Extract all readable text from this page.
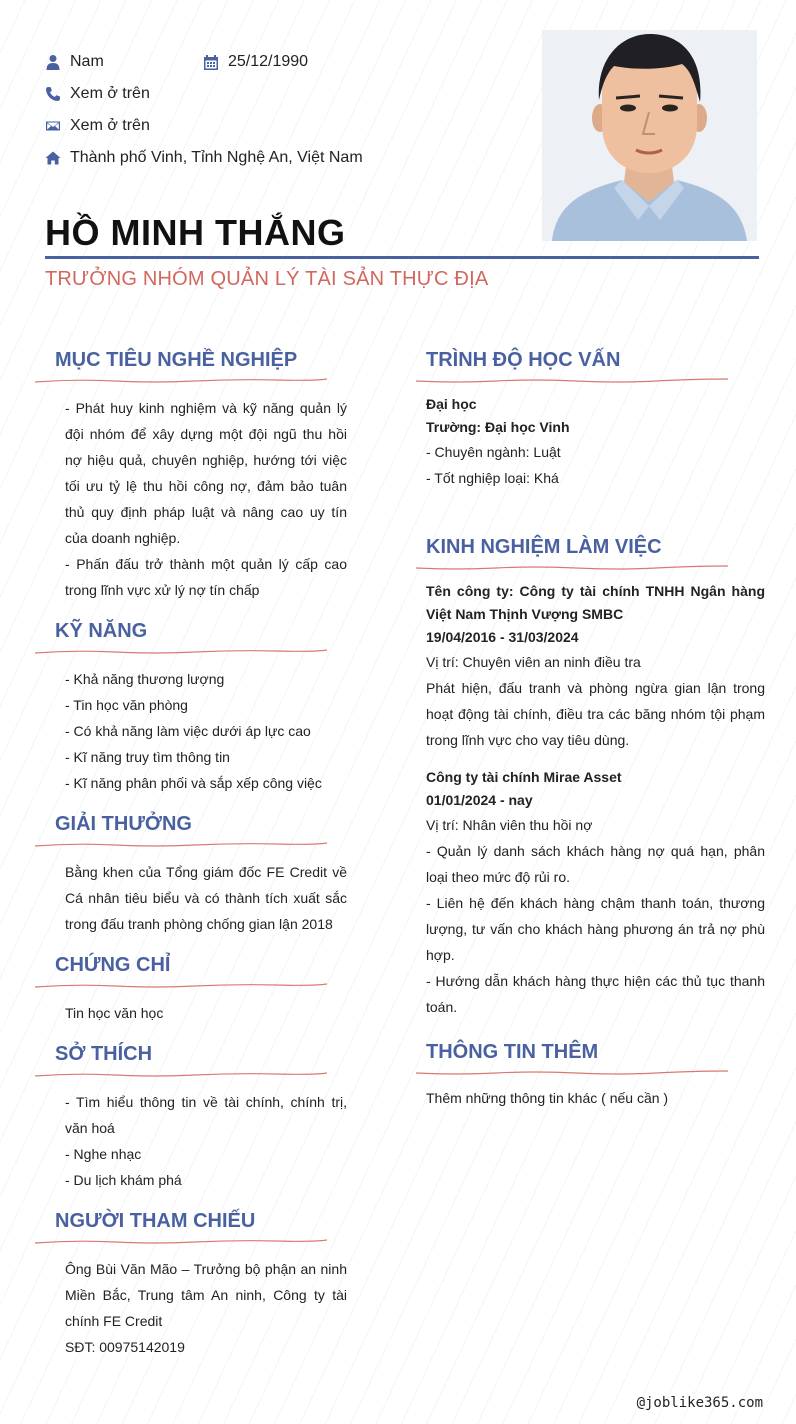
Nam	25/12/1990
Xem ở trên
Xem ở trên
Thành phố Vinh, Tỉnh Nghệ An, Việt Nam
HỒ MINH THẮNG
TRƯỞNG NHÓM QUẢN LÝ TÀI SẢN THỰC ĐỊA
MỤC TIÊU NGHỀ NGHIỆP
- Phát huy kinh nghiệm và kỹ năng quản lý đội nhóm để xây dựng một đội ngũ thu hồi nợ hiệu quả, chuyên nghiệp, hướng tới việc tối ưu tỷ lệ thu hồi công nợ, đảm bảo tuân thủ quy định pháp luật và nâng cao uy tín của doanh nghiệp.
- Phấn đấu trở thành một quản lý cấp cao trong lĩnh vực xử lý nợ tín chấp
KỸ NĂNG
- Khả năng thương lượng
- Tin học văn phòng
- Có khả năng làm việc dưới áp lực cao
- Kĩ năng truy tìm thông tin
- Kĩ năng phân phối và sắp xếp công việc
GIẢI THƯỞNG
Bằng khen của Tổng giám đốc FE Credit về Cá nhân tiêu biểu và có thành tích xuất sắc trong đấu tranh phòng chống gian lận 2018
CHỨNG CHỈ
Tin học văn học
SỞ THÍCH
- Tìm hiểu thông tin về tài chính, chính trị, văn hoá
- Nghe nhạc
- Du lịch khám phá
NGƯỜI THAM CHIẾU
Ông Bùi Văn Mão – Trưởng bộ phận an ninh Miền Bắc, Trung tâm An ninh, Công ty tài chính FE Credit
SĐT: 00975142019
TRÌNH ĐỘ HỌC VẤN
Đại học
Trường: Đại học Vinh
- Chuyên ngành: Luật
- Tốt nghiệp loại: Khá
KINH NGHIỆM LÀM VIỆC
Tên công ty: Công ty tài chính TNHH Ngân hàng Việt Nam Thịnh Vượng SMBC
19/04/2016 - 31/03/2024
Vị trí: Chuyên viên an ninh điều tra
Phát hiện, đấu tranh và phòng ngừa gian lận trong hoạt động tài chính, điều tra các băng nhóm tội phạm trong lĩnh vực cho vay tiêu dùng.
Công ty tài chính Mirae Asset
01/01/2024 - nay
Vị trí: Nhân viên thu hồi nợ
- Quản lý danh sách khách hàng nợ quá hạn, phân loại theo mức độ rủi ro.
- Liên hệ đến khách hàng chậm thanh toán, thương lượng, tư vấn cho khách hàng phương án trả nợ phù hợp.
- Hướng dẫn khách hàng thực hiện các thủ tục thanh toán.
THÔNG TIN THÊM
Thêm những thông tin khác ( nếu cần )
@joblike365.com
